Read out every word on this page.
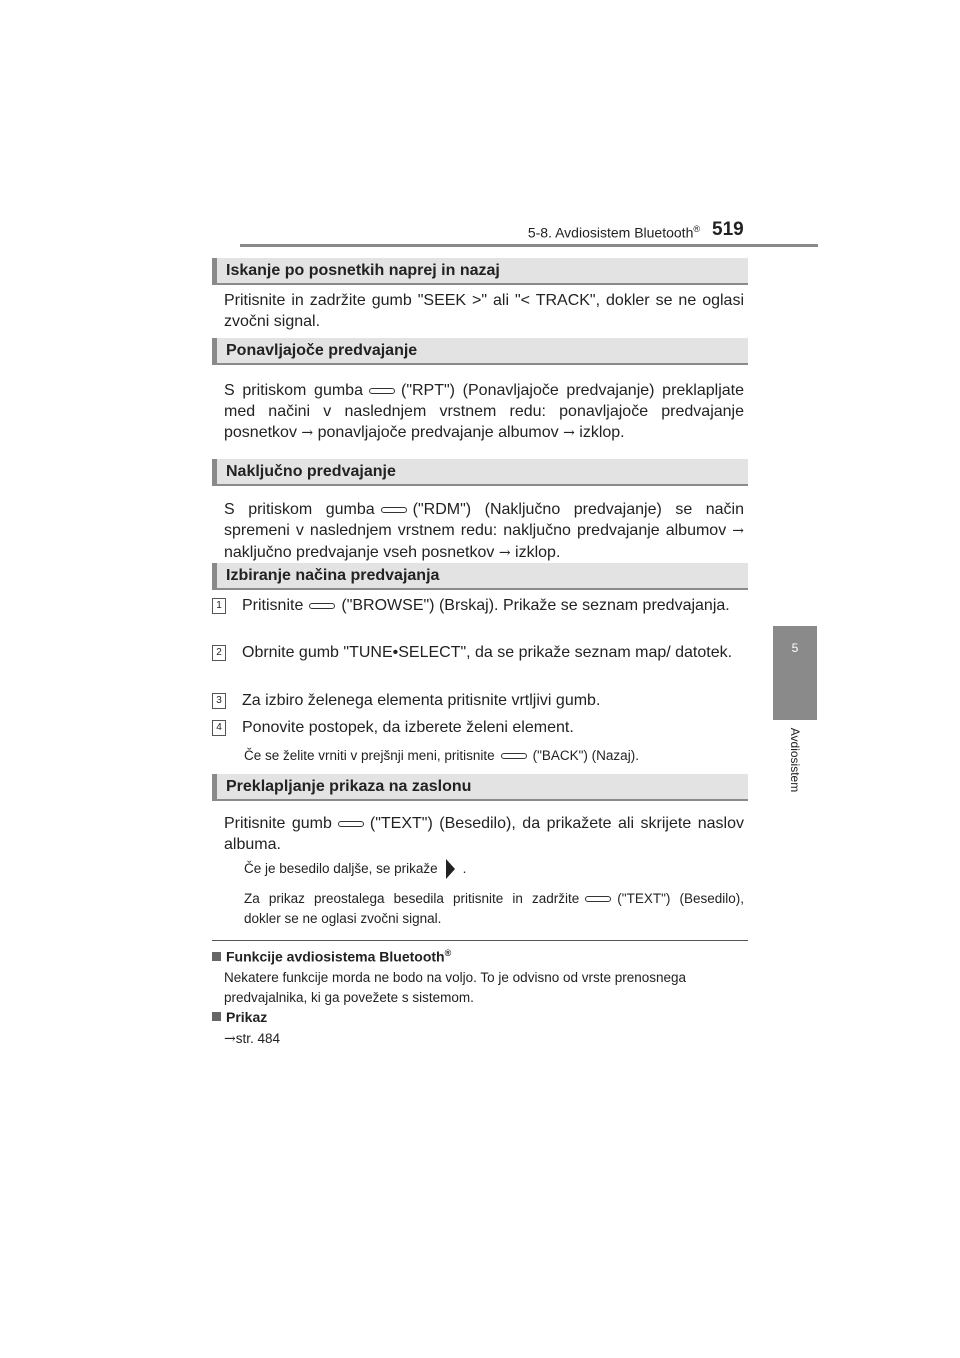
5-8. Avdiosistem Bluetooth® 519
5
Avdiosistem
Iskanje po posnetkih naprej in nazaj
Pritisnite in zadržite gumb "SEEK >" ali "< TRACK", dokler se ne oglasi zvočni signal.
Ponavljajoče predvajanje
S pritiskom gumba ("RPT") (Ponavljajoče predvajanje) preklapljate med načini v naslednjem vrstnem redu: ponavljajoče predvajanje posnetkov → ponavljajoče predvajanje albumov → izklop.
Naključno predvajanje
S pritiskom gumba ("RDM") (Naključno predvajanje) se način spremeni v naslednjem vrstnem redu: naključno predvajanje albumov → naključno predvajanje vseh posnetkov → izklop.
Izbiranje načina predvajanja
1 Pritisnite ("BROWSE") (Brskaj). Prikaže se seznam predvajanja.
2 Obrnite gumb "TUNE•SELECT", da se prikaže seznam map/ datotek.
3 Za izbiro želenega elementa pritisnite vrtljivi gumb.
4 Ponovite postopek, da izberete želeni element.
Če se želite vrniti v prejšnji meni, pritisnite	("BACK") (Nazaj).
Preklapljanje prikaza na zaslonu
Pritisnite gumb ("TEXT") (Besedilo), da prikažete ali skrijete naslov albuma.
Če je besedilo daljše, se prikaže .
Za prikaz preostalega besedila pritisnite in zadržite	("TEXT") (Besedilo), dokler se ne oglasi zvočni signal.
Funkcije avdiosistema Bluetooth®
Nekatere funkcije morda ne bodo na voljo. To je odvisno od vrste prenosnega predvajalnika, ki ga povežete s sistemom.
Prikaz
→str. 484
